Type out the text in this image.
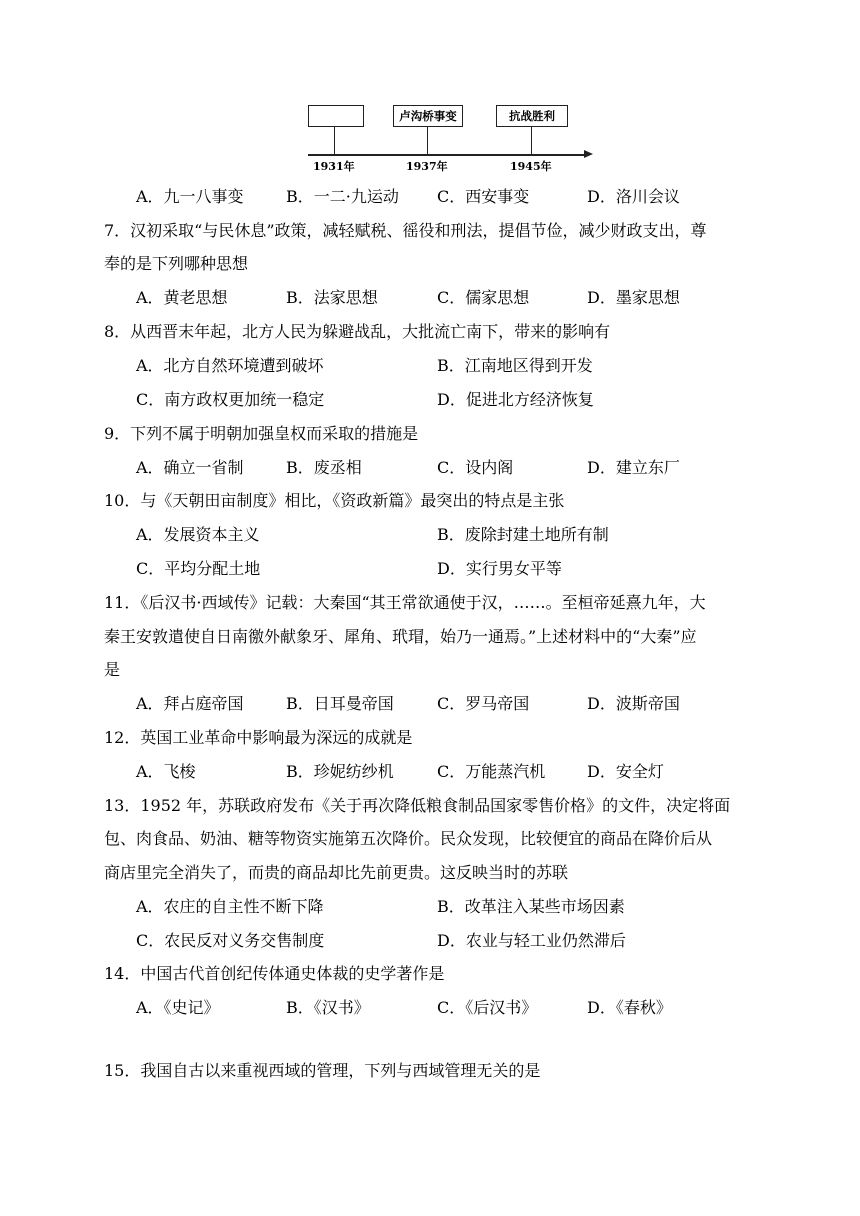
卢沟桥事变	抗战胜利
1931年	1937年	1945年
A．九一八事变	B．一二·九运动 C．西安事变	D．洛川会议
7．汉初采取“与民休息”政策，减轻赋税、徭役和刑法，提倡节俭，减少财政支出，尊
奉的是下列哪种思想
A．黄老思想	B．法家思想	C．儒家思想	D．墨家思想
8．从西晋末年起，北方人民为躲避战乱，大批流亡南下，带来的影响有
A．北方自然环境遭到破坏	B．江南地区得到开发
C．南方政权更加统一稳定	D．促进北方经济恢复
9．下列不属于明朝加强皇权而采取的措施是
A．确立一省制	B．废丞相	C．设内阁	D．建立东厂
10．与《天朝田亩制度》相比，《资政新篇》最突出的特点是主张
A．发展资本主义	B．废除封建土地所有制
C．平均分配土地	D．实行男女平等
11．《后汉书·西域传》记载：大秦国“其王常欲通使于汉，……。至桓帝延熹九年，大
秦王安敦遣使自日南徼外献象牙、犀角、玳瑁，始乃一通焉。”上述材料中的“大秦”应
是
A．拜占庭帝国	B．日耳曼帝国	C．罗马帝国	D．波斯帝国
12．英国工业革命中影响最为深远的成就是
A．飞梭	B．珍妮纺纱机	C．万能蒸汽机	D．安全灯
13．1952 年，苏联政府发布《关于再次降低粮食制品国家零售价格》的文件，决定将面
包、肉食品、奶油、糖等物资实施第五次降价。民众发现，比较便宜的商品在降价后从
商店里完全消失了，而贵的商品却比先前更贵。这反映当时的苏联
A．农庄的自主性不断下降	B．改革注入某些市场因素
C．农民反对义务交售制度	D．农业与轻工业仍然滞后
14．中国古代首创纪传体通史体裁的史学著作是
A．《史记》	B．《汉书》	C．《后汉书》	D．《春秋》
15．我国自古以来重视西域的管理，下列与西域管理无关的是
